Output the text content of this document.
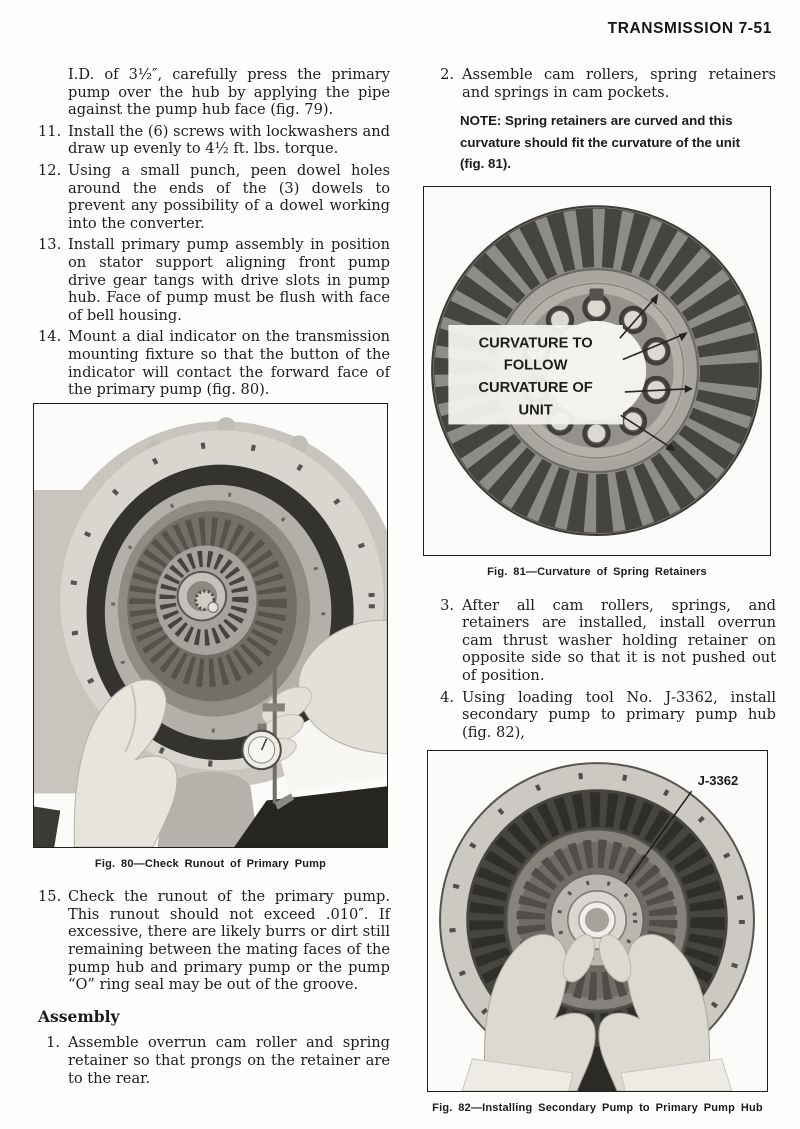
TRANSMISSION 7-51

I.D. of 3½″, carefully press the primary pump over the hub by applying the pipe against the pump hub face (fig. 79).

11. Install the (6) screws with lockwashers and draw up evenly to 4½ ft. lbs. torque.
12. Using a small punch, peen dowel holes around the ends of the (3) dowels to prevent any possibility of a dowel working into the converter.
13. Install primary pump assembly in position on stator support aligning front pump drive gear tangs with drive slots in pump hub. Face of pump must be flush with face of bell housing.
14. Mount a dial indicator on the transmission mounting fixture so that the button of the indicator will contact the forward face of the primary pump (fig. 80).
Fig. 80—Check Runout of Primary Pump
15. Check the runout of the primary pump. This runout should not exceed .010″. If excessive, there are likely burrs or dirt still remaining between the mating faces of the pump hub and primary pump or the pump “O” ring seal may be out of the groove.
Assembly
1. Assemble overrun cam roller and spring retainer so that prongs on the retainer are to the rear.
2. Assemble cam rollers, spring retainers and springs in cam pockets.
NOTE: Spring retainers are curved and this curvature should fit the curvature of the unit (fig. 81).
CURVATURE TO
FOLLOW
CURVATURE OF
UNIT
Fig. 81—Curvature of Spring Retainers
3. After all cam rollers, springs, and retainers are installed, install overrun cam thrust washer holding retainer on opposite side so that it is not pushed out of position.
4. Using loading tool No. J-3362, install secondary pump to primary pump hub (fig. 82),
J-3362
Fig. 82—Installing Secondary Pump to Primary Pump Hub
